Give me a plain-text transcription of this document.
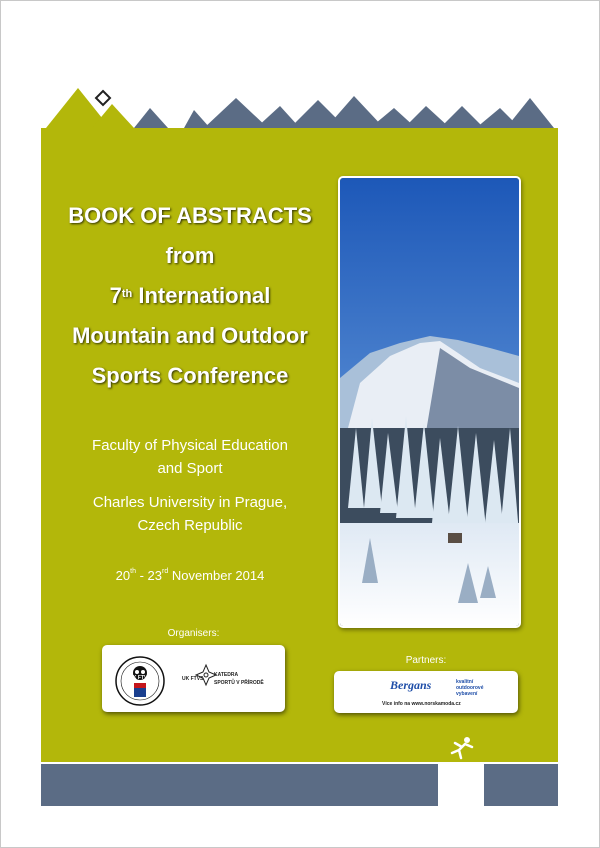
BOOK OF ABSTRACTS
from
7th International
Mountain and Outdoor
Sports Conference
Faculty of Physical Education
and Sport
Charles University in Prague,
Czech Republic
20th - 23rd November 2014
Organisers:
UK FTVS	UK FTVS
KATEDRA
SPORTŮ V PŘÍRODĚ
Partners:
Bergans	kvalitní
outdoorové
vybavení
Více info na www.norskamoda.cz
